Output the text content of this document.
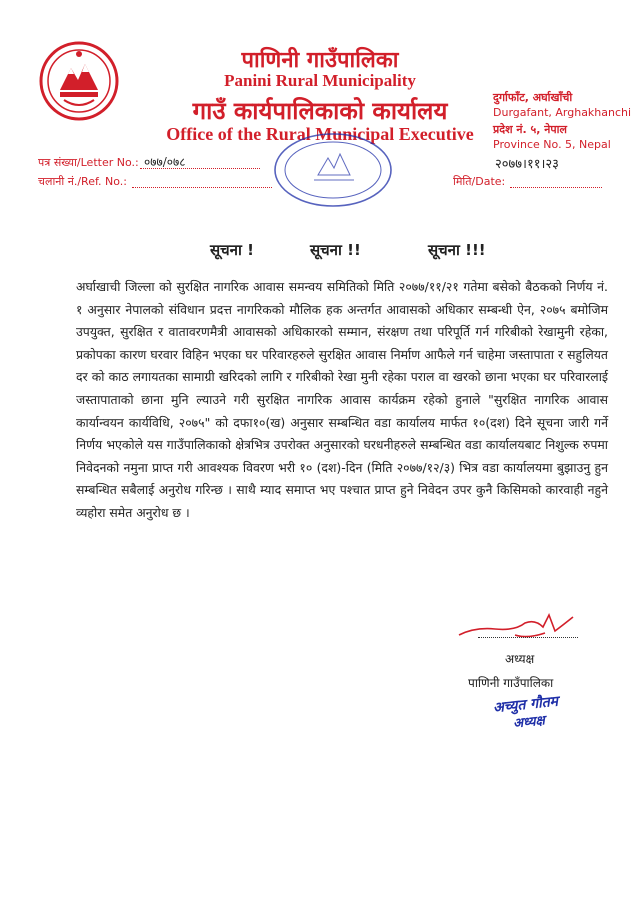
पाणिनी गाउँपालिका
Panini Rural Municipality
गाउँ कार्यपालिकाको कार्यालय
Office of the Rural Municipal Executive
दुर्गाफाँट, अर्घाखाँची
Durgafant, Arghakhanchi
प्रदेश नं. ५, नेपाल
Province No. 5, Nepal
पत्र संख्या/Letter No.: ०७७/०७८
चलानी नं./Ref. No.:
२०७७।११।२३
मिति/Date:
सूचना !	सूचना !!	सूचना !!!
अर्घाखाची जिल्ला को सुरक्षित नागरिक आवास समन्वय समितिको मिति २०७७/११/२१ गतेमा बसेको बैठकको निर्णय नं. १ अनुसार नेपालको संविधान प्रदत्त नागरिकको मौलिक हक अन्तर्गत आवासको अधिकार सम्बन्धी ऐन, २०७५ बमोजिम उपयुक्त, सुरक्षित र वातावरणमैत्री आवासको अधिकारको सम्मान, संरक्षण तथा परिपूर्ति गर्न गरिबीको रेखामुनी रहेका, प्रकोपका कारण घरवार विहिन भएका घर परिवारहरुले सुरक्षित आवास निर्माण आफैले गर्न चाहेमा जस्तापाता र सहुलियत दर को काठ लगायतका सामाग्री खरिदको लागि र गरिबीको रेखा मुनी रहेका पराल वा खरको छाना भएका घर परिवारलाई जस्तापाताको छाना मुनि ल्याउने गरी सुरक्षित नागरिक आवास कार्यक्रम रहेको हुनाले "सुरक्षित नागरिक आवास कार्यान्वयन कार्यविधि, २०७५" को दफा१०(ख) अनुसार सम्बन्धित वडा कार्यालय मार्फत १०(दश) दिने सूचना जारी गर्ने निर्णय भएकोले यस गाउँपालिकाको क्षेत्रभित्र उपरोक्त अनुसारको घरधनीहरुले सम्बन्धित वडा कार्यालयबाट निशुल्क रुपमा निवेदनको नमुना प्राप्त गरी आवश्यक विवरण भरी १० (दश)-दिन (मिति २०७७/१२/३) भित्र वडा कार्यालयमा बुझाउनु हुन सम्बन्धित सबैलाई अनुरोध गरिन्छ । साथै म्याद समाप्त भए पश्चात प्राप्त हुने निवेदन उपर कुनै किसिमको कारवाही नहुने व्यहोरा समेत अनुरोध छ ।
अध्यक्ष
पाणिनी गाउँपालिका
अच्युत गौतम
अध्यक्ष
